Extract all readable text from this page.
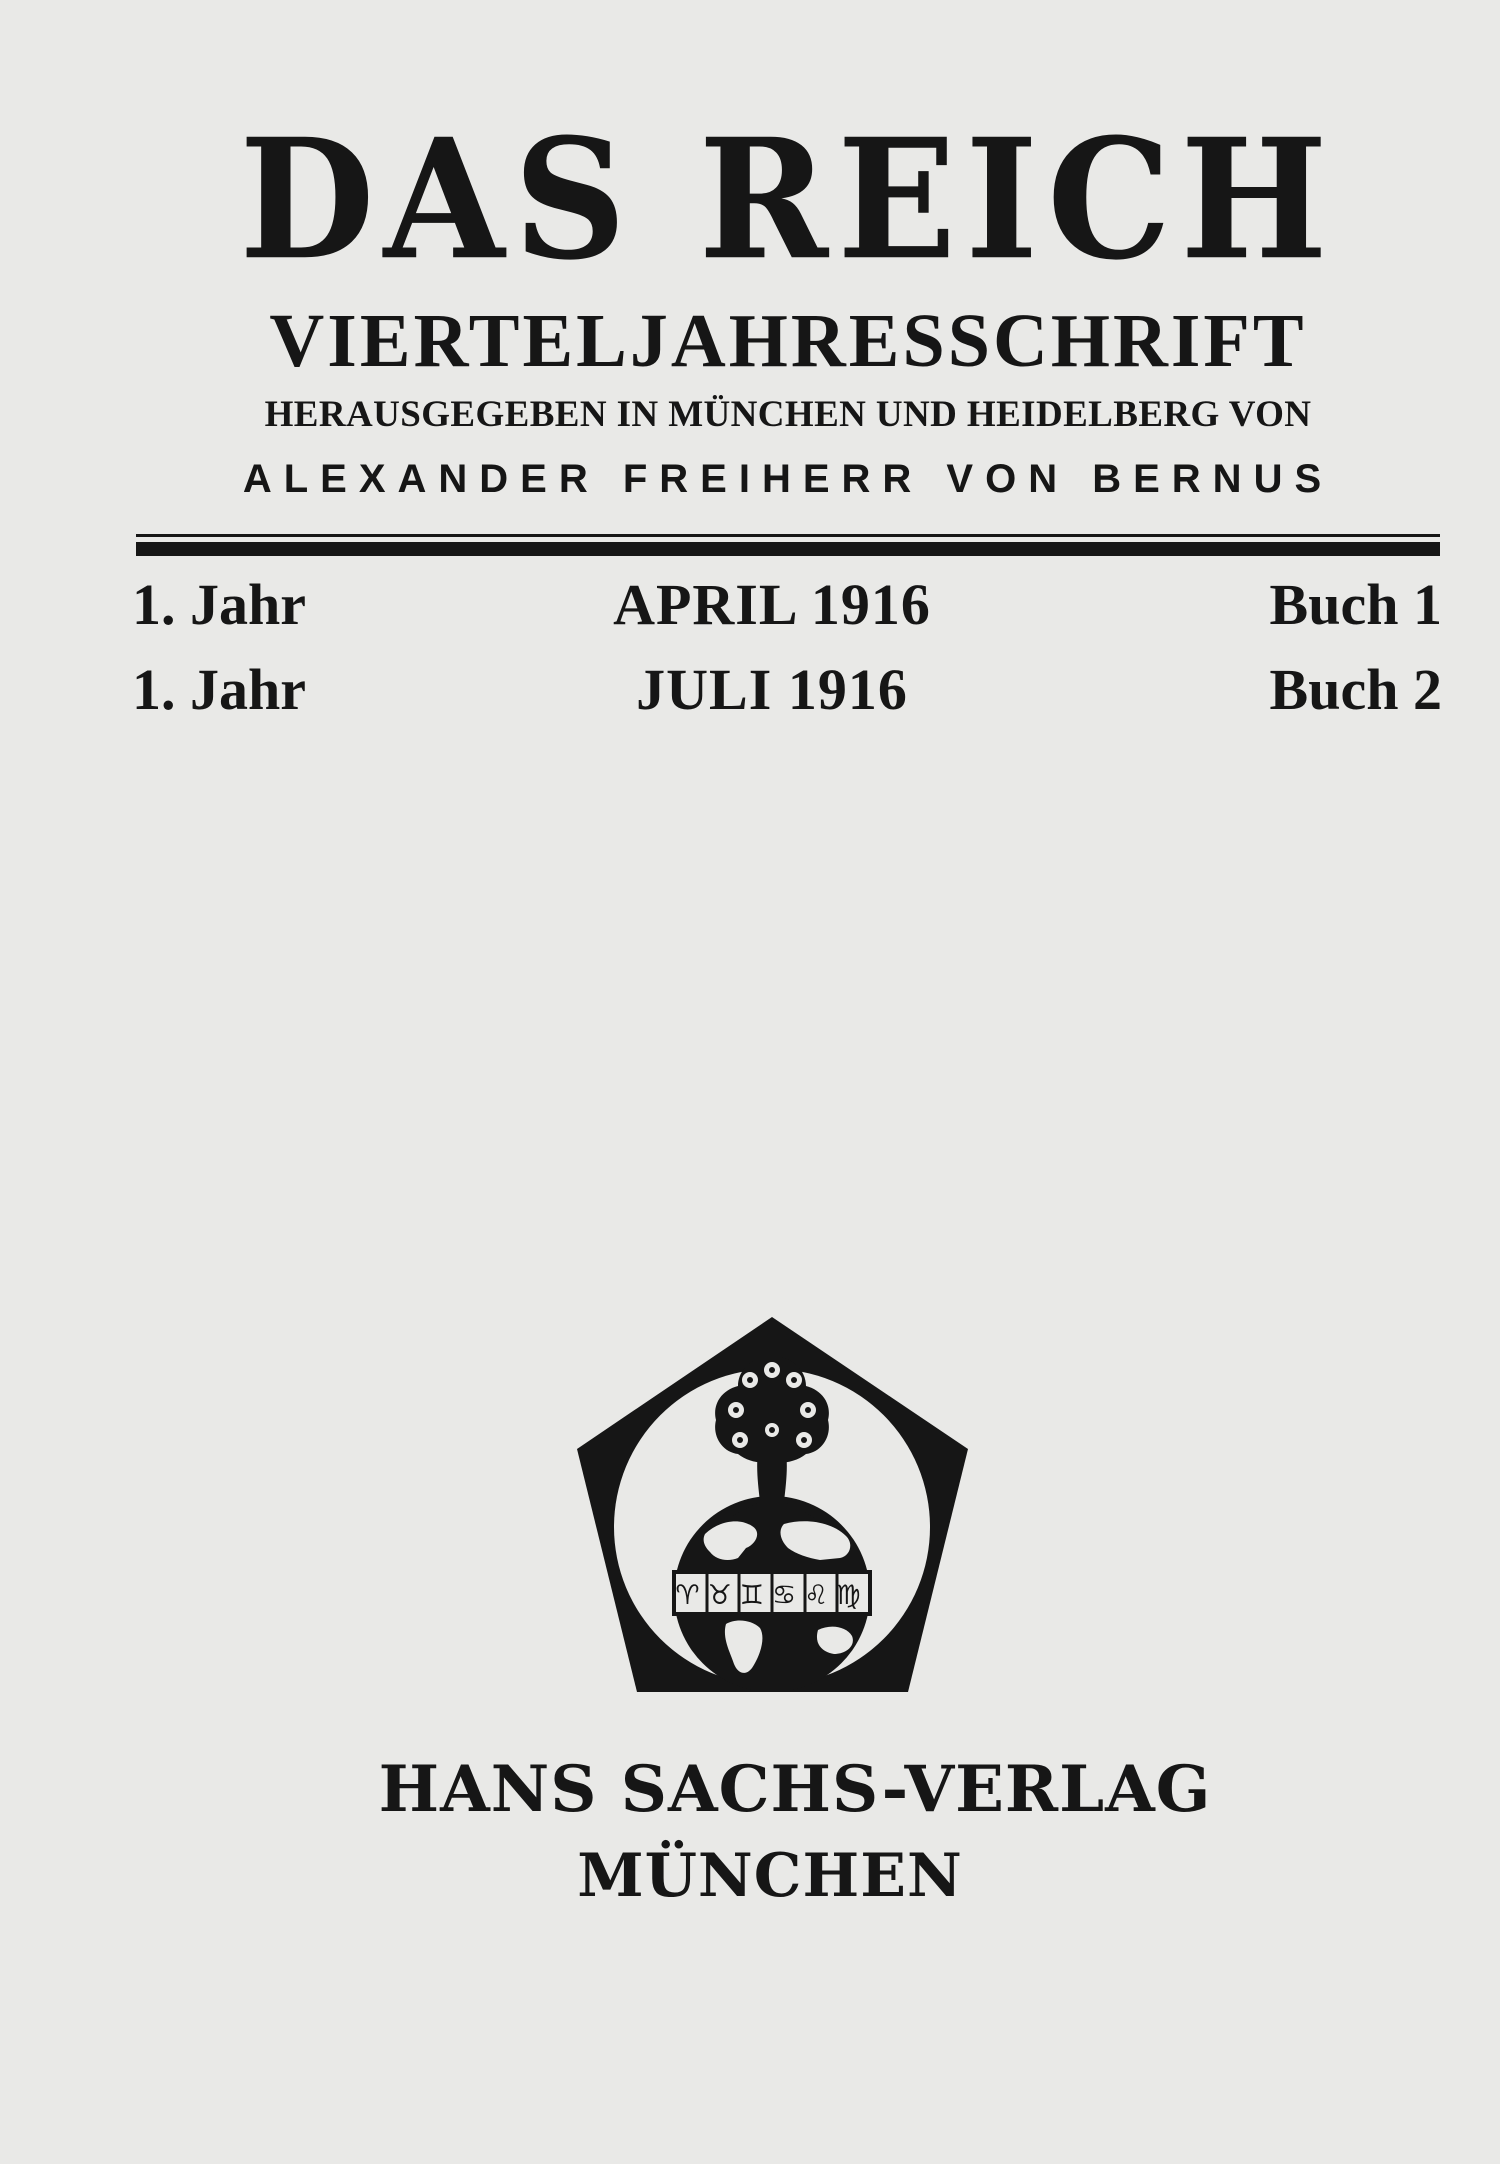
DAS REICH
VIERTELJAHRESSCHRIFT
HERAUSGEGEBEN IN MÜNCHEN UND HEIDELBERG VON
ALEXANDER FREIHERR VON BERNUS
1. Jahr	APRIL 1916	Buch 1
1. Jahr	JULI 1916	Buch 2
♈♉♊♋♌♍
HANS SACHS-VERLAG
MÜNCHEN
